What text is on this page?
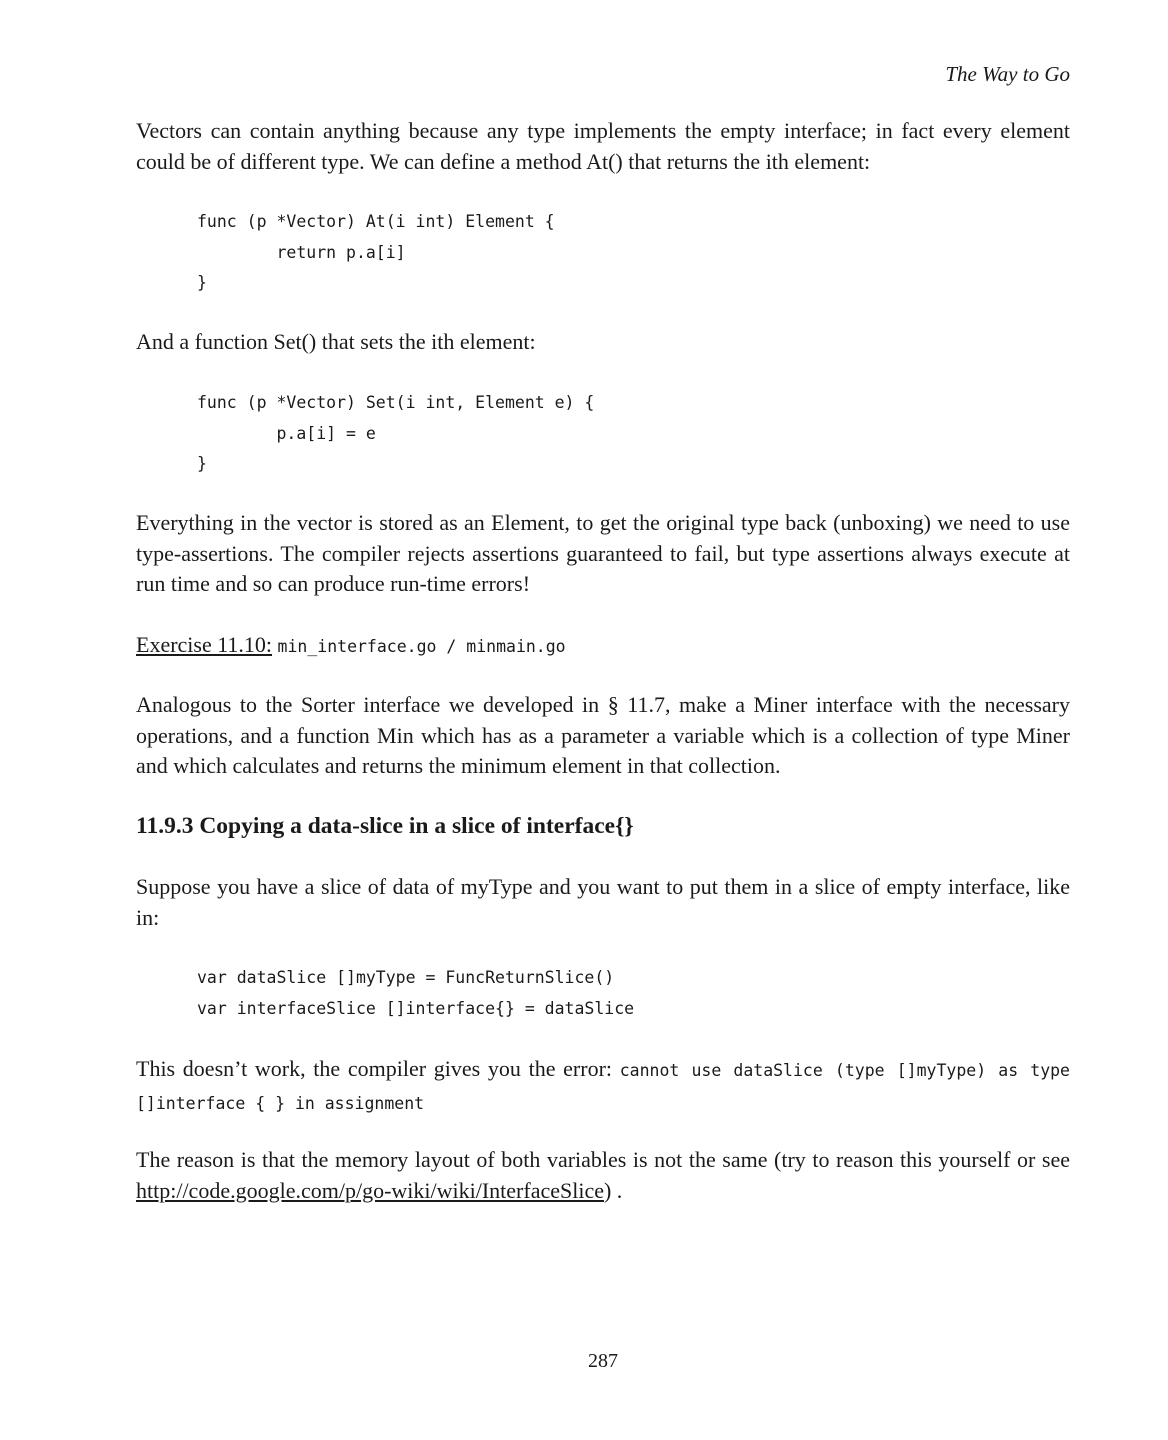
The Way to Go
Vectors can contain anything because any type implements the empty interface; in fact every element could be of different type. We can define a method At() that returns the ith element:
func (p *Vector) At(i int) Element {
return p.a[i]
}
And a function Set() that sets the ith element:
func (p *Vector) Set(i int, Element e) {
p.a[i] = e
}
Everything in the vector is stored as an Element, to get the original type back (unboxing) we need to use type-assertions. The compiler rejects assertions guaranteed to fail, but type assertions always execute at run time and so can produce run-time errors!
Exercise 11.10: min_interface.go / minmain.go
Analogous to the Sorter interface we developed in § 11.7, make a Miner interface with the necessary operations, and a function Min which has as a parameter a variable which is a collection of type Miner and which calculates and returns the minimum element in that collection.
11.9.3 Copying a data-slice in a slice of interface{}
Suppose you have a slice of data of myType and you want to put them in a slice of empty interface, like in:
var dataSlice []myType = FuncReturnSlice()
var interfaceSlice []interface{} = dataSlice
This doesn’t work, the compiler gives you the error: cannot use dataSlice (type []myType) as type []interface { } in assignment
The reason is that the memory layout of both variables is not the same (try to reason this yourself or see http://code.google.com/p/go-wiki/wiki/InterfaceSlice) .
287
